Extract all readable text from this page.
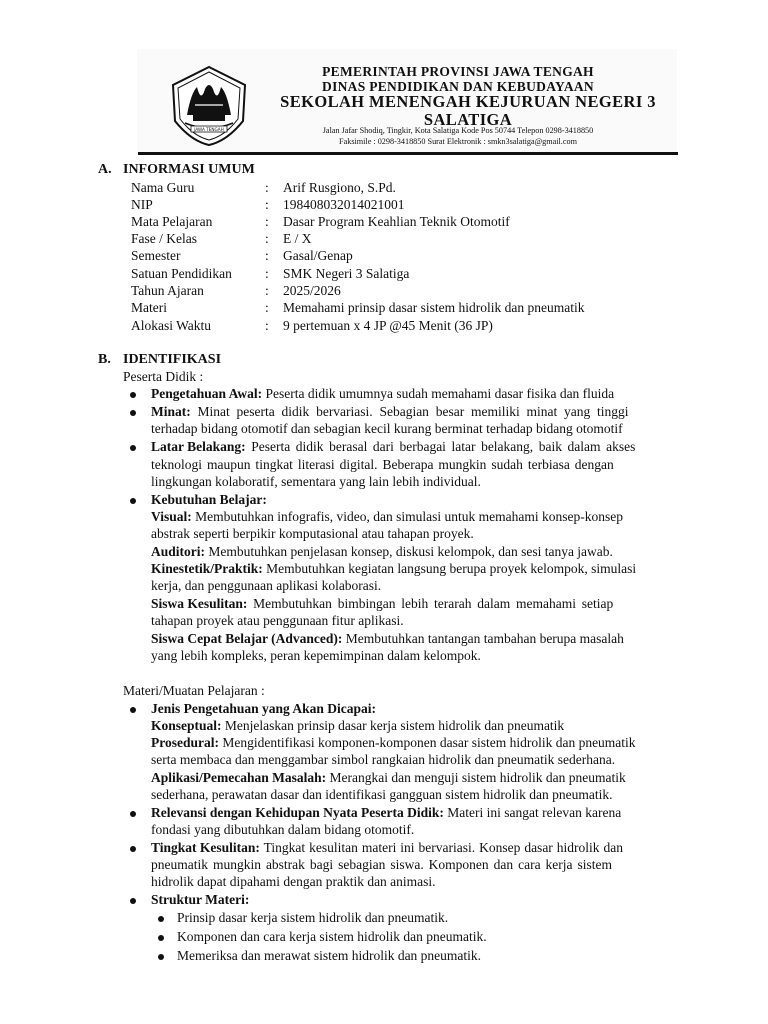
JAWA TENGAH
PEMERINTAH PROVINSI JAWA TENGAH
DINAS PENDIDIKAN DAN KEBUDAYAAN
SEKOLAH MENENGAH KEJURUAN NEGERI 3
SALATIGA
Jalan Jafar Shodiq, Tingkir, Kota Salatiga Kode Pos 50744 Telepon 0298-3418850
Faksimile : 0298-3418850 Surat Elektronik : smkn3salatiga@gmail.com
A. INFORMASI UMUM
Nama Guru	: Arif Rusgiono, S.Pd.
NIP	: 198408032014021001
Mata Pelajaran	: Dasar Program Keahlian Teknik Otomotif
Fase / Kelas	: E / X
Semester	: Gasal/Genap
Satuan Pendidikan : SMK Negeri 3 Salatiga
Tahun Ajaran	: 2025/2026
Materi	: Memahami prinsip dasar sistem hidrolik dan pneumatik
Alokasi Waktu	: 9 pertemuan x 4 JP @45 Menit (36 JP)
B. IDENTIFIKASI
Peserta Didik :
Pengetahuan Awal: Peserta didik umumnya sudah memahami dasar fisika dan fluida
Minat: Minat peserta didik bervariasi. Sebagian besar memiliki minat yang tinggi
terhadap bidang otomotif dan sebagian kecil kurang berminat terhadap bidang otomotif
Latar Belakang: Peserta didik berasal dari berbagai latar belakang, baik dalam akses
teknologi maupun tingkat literasi digital. Beberapa mungkin sudah terbiasa dengan
lingkungan kolaboratif, sementara yang lain lebih individual.
Kebutuhan Belajar:
Visual: Membutuhkan infografis, video, dan simulasi untuk memahami konsep-konsep
abstrak seperti berpikir komputasional atau tahapan proyek.
Auditori: Membutuhkan penjelasan konsep, diskusi kelompok, dan sesi tanya jawab.
Kinestetik/Praktik: Membutuhkan kegiatan langsung berupa proyek kelompok, simulasi
kerja, dan penggunaan aplikasi kolaborasi.
Siswa Kesulitan: Membutuhkan bimbingan lebih terarah dalam memahami setiap
tahapan proyek atau penggunaan fitur aplikasi.
Siswa Cepat Belajar (Advanced): Membutuhkan tantangan tambahan berupa masalah
yang lebih kompleks, peran kepemimpinan dalam kelompok.
Materi/Muatan Pelajaran :
Jenis Pengetahuan yang Akan Dicapai:
Konseptual: Menjelaskan prinsip dasar kerja sistem hidrolik dan pneumatik
Prosedural: Mengidentifikasi komponen-komponen dasar sistem hidrolik dan pneumatik
serta membaca dan menggambar simbol rangkaian hidrolik dan pneumatik sederhana.
Aplikasi/Pemecahan Masalah: Merangkai dan menguji sistem hidrolik dan pneumatik
sederhana, perawatan dasar dan identifikasi gangguan sistem hidrolik dan pneumatik.
Relevansi dengan Kehidupan Nyata Peserta Didik: Materi ini sangat relevan karena
fondasi yang dibutuhkan dalam bidang otomotif.
Tingkat Kesulitan: Tingkat kesulitan materi ini bervariasi. Konsep dasar hidrolik dan
pneumatik mungkin abstrak bagi sebagian siswa. Komponen dan cara kerja sistem
hidrolik dapat dipahami dengan praktik dan animasi.
Struktur Materi:
Prinsip dasar kerja sistem hidrolik dan pneumatik.
Komponen dan cara kerja sistem hidrolik dan pneumatik.
Memeriksa dan merawat sistem hidrolik dan pneumatik.
